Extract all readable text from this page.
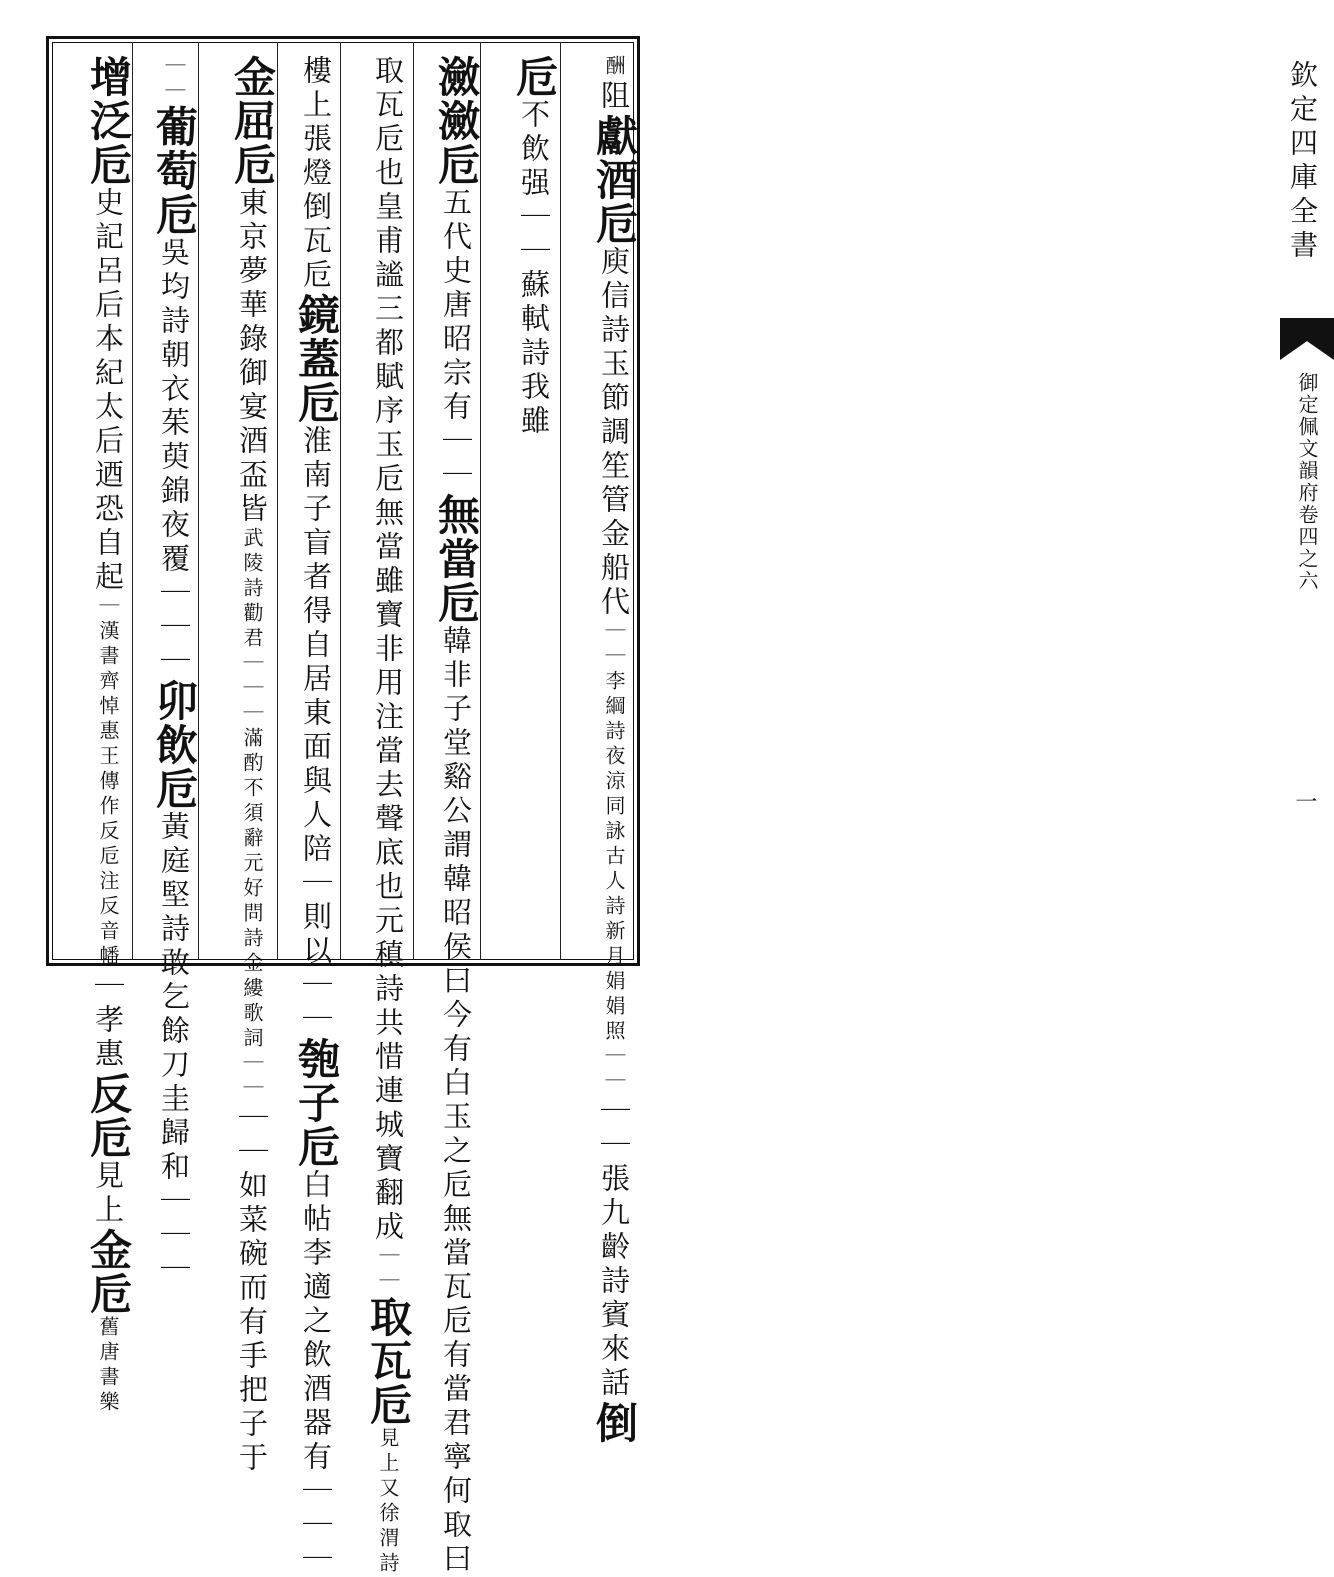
欽定四庫全書
御定佩文韻府卷四之六
一
酬阻獻酒卮庾信詩玉節調笙管金船代｜｜李綱詩夜涼同詠古人詩新月娟娟照｜｜｜｜張九齡詩賓來話倒
卮不飲强｜｜蘇軾詩我雖
瀲瀲卮五代史唐昭宗有｜｜無當卮韓非子堂谿公謂韓昭侯曰今有白玉之卮無當瓦卮有當君寧何取曰
取瓦卮也皇甫謐三都賦序玉卮無當雖寶非用注當去聲底也元稹詩共惜連城寶翻成｜｜取瓦卮見上又徐渭詩
樓上張燈倒瓦卮鏡蓋卮淮南子盲者得自居東面與人陪｜則以｜｜匏子卮白帖李適之飲酒器有｜｜｜
金屈卮東京夢華錄御宴酒盃皆武陵詩勸君｜｜｜滿酌不須辭元好問詩金縷歌詞｜｜｜｜如菜碗而有手把子于
｜｜葡萄卮吳均詩朝衣茱萸錦夜覆｜｜｜卯飲卮黃庭堅詩敢乞餘刀圭歸和｜｜｜
增泛卮史記呂后本紀太后迺恐自起｜漢書齊悼惠王傳作反卮注反音幡｜孝惠反卮見上金卮舊唐書樂
